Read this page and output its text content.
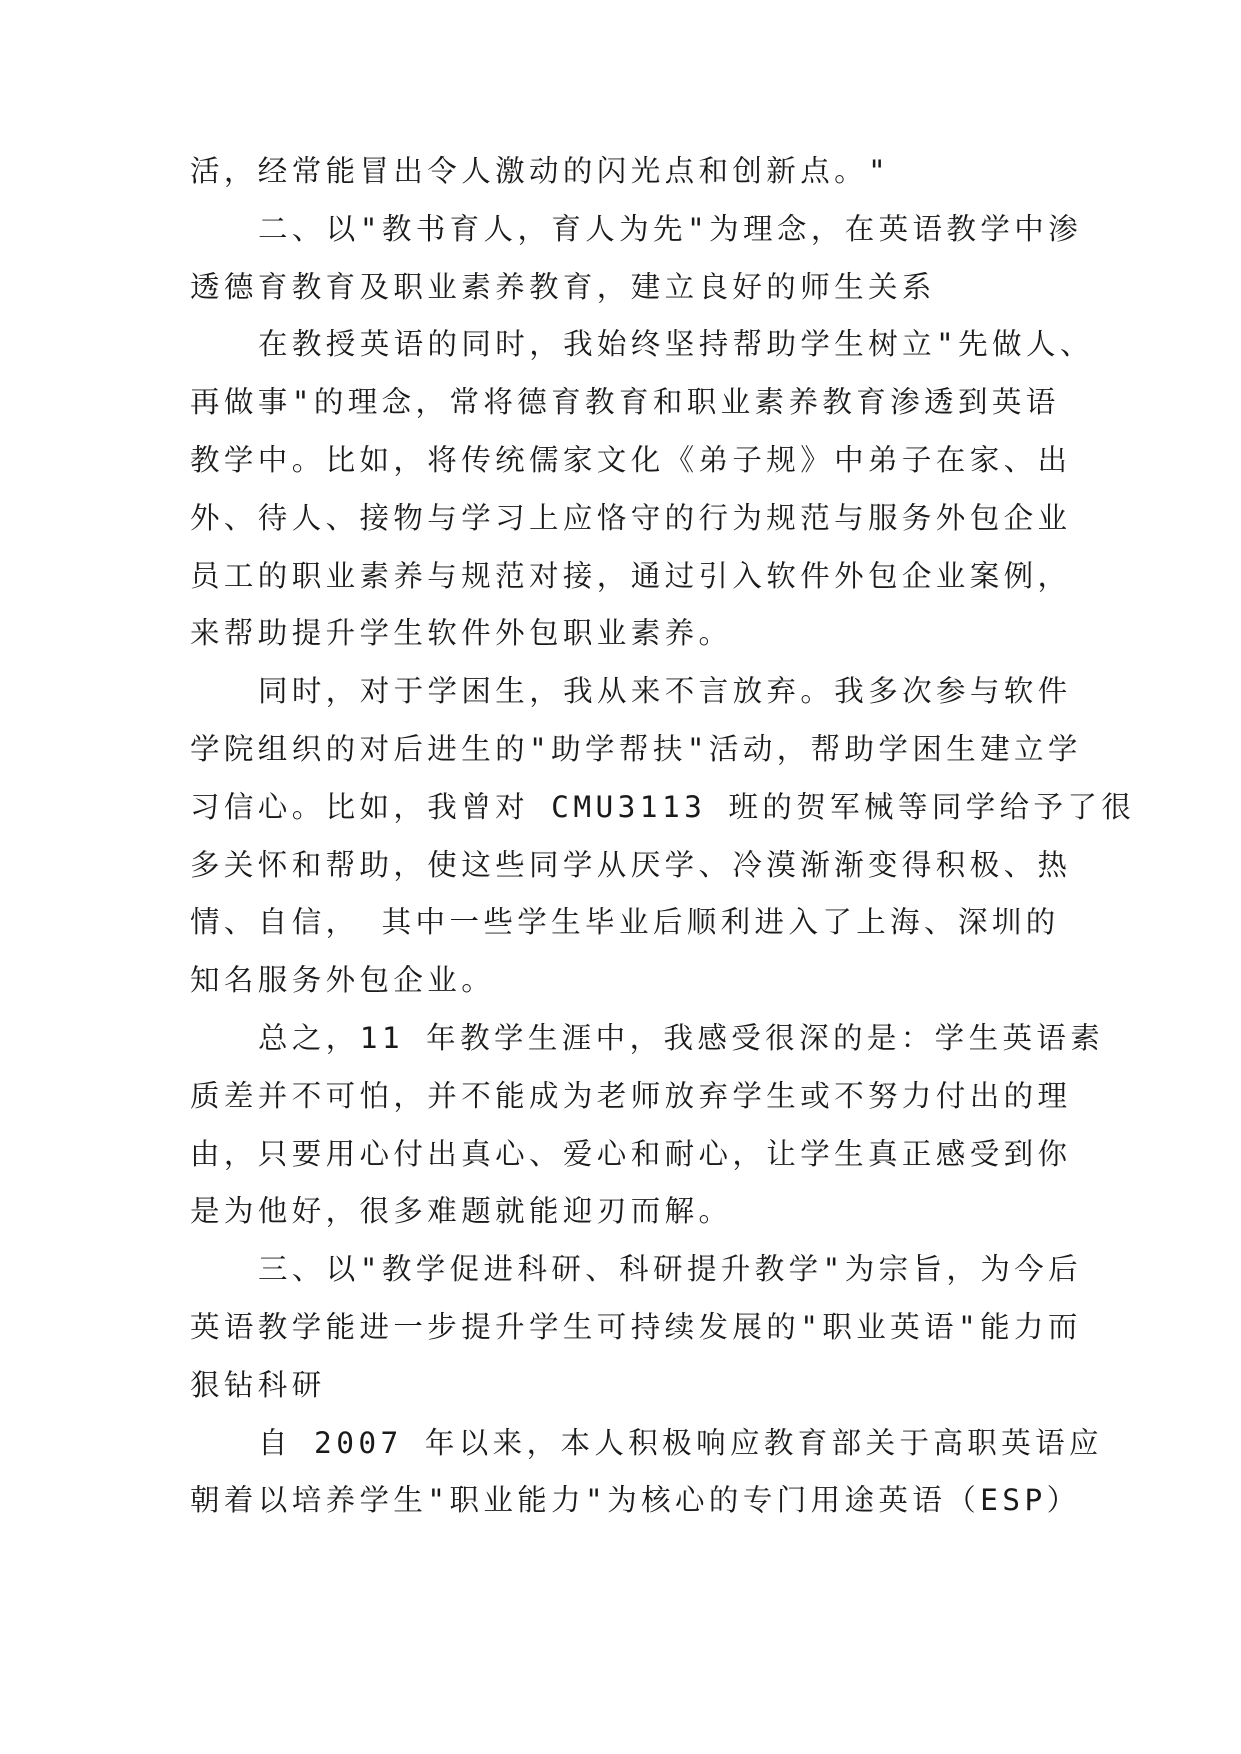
活，经常能冒出令人激动的闪光点和创新点。"
二、以"教书育人，育人为先"为理念，在英语教学中渗
透德育教育及职业素养教育，建立良好的师生关系
在教授英语的同时，我始终坚持帮助学生树立"先做人、
再做事"的理念，常将德育教育和职业素养教育渗透到英语
教学中。比如，将传统儒家文化《弟子规》中弟子在家、出
外、待人、接物与学习上应恪守的行为规范与服务外包企业
员工的职业素养与规范对接，通过引入软件外包企业案例，
来帮助提升学生软件外包职业素养。
同时，对于学困生，我从来不言放弃。我多次参与软件
学院组织的对后进生的"助学帮扶"活动，帮助学困生建立学
习信心。比如，我曾对 CMU3113 班的贺军械等同学给予了很
多关怀和帮助，使这些同学从厌学、冷漠渐渐变得积极、热
情、自信， 其中一些学生毕业后顺利进入了上海、深圳的
知名服务外包企业。
总之，11 年教学生涯中，我感受很深的是：学生英语素
质差并不可怕，并不能成为老师放弃学生或不努力付出的理
由，只要用心付出真心、爱心和耐心，让学生真正感受到你
是为他好，很多难题就能迎刃而解。
三、以"教学促进科研、科研提升教学"为宗旨，为今后
英语教学能进一步提升学生可持续发展的"职业英语"能力而
狠钻科研
自 2007 年以来，本人积极响应教育部关于高职英语应
朝着以培养学生"职业能力"为核心的专门用途英语（ESP）
